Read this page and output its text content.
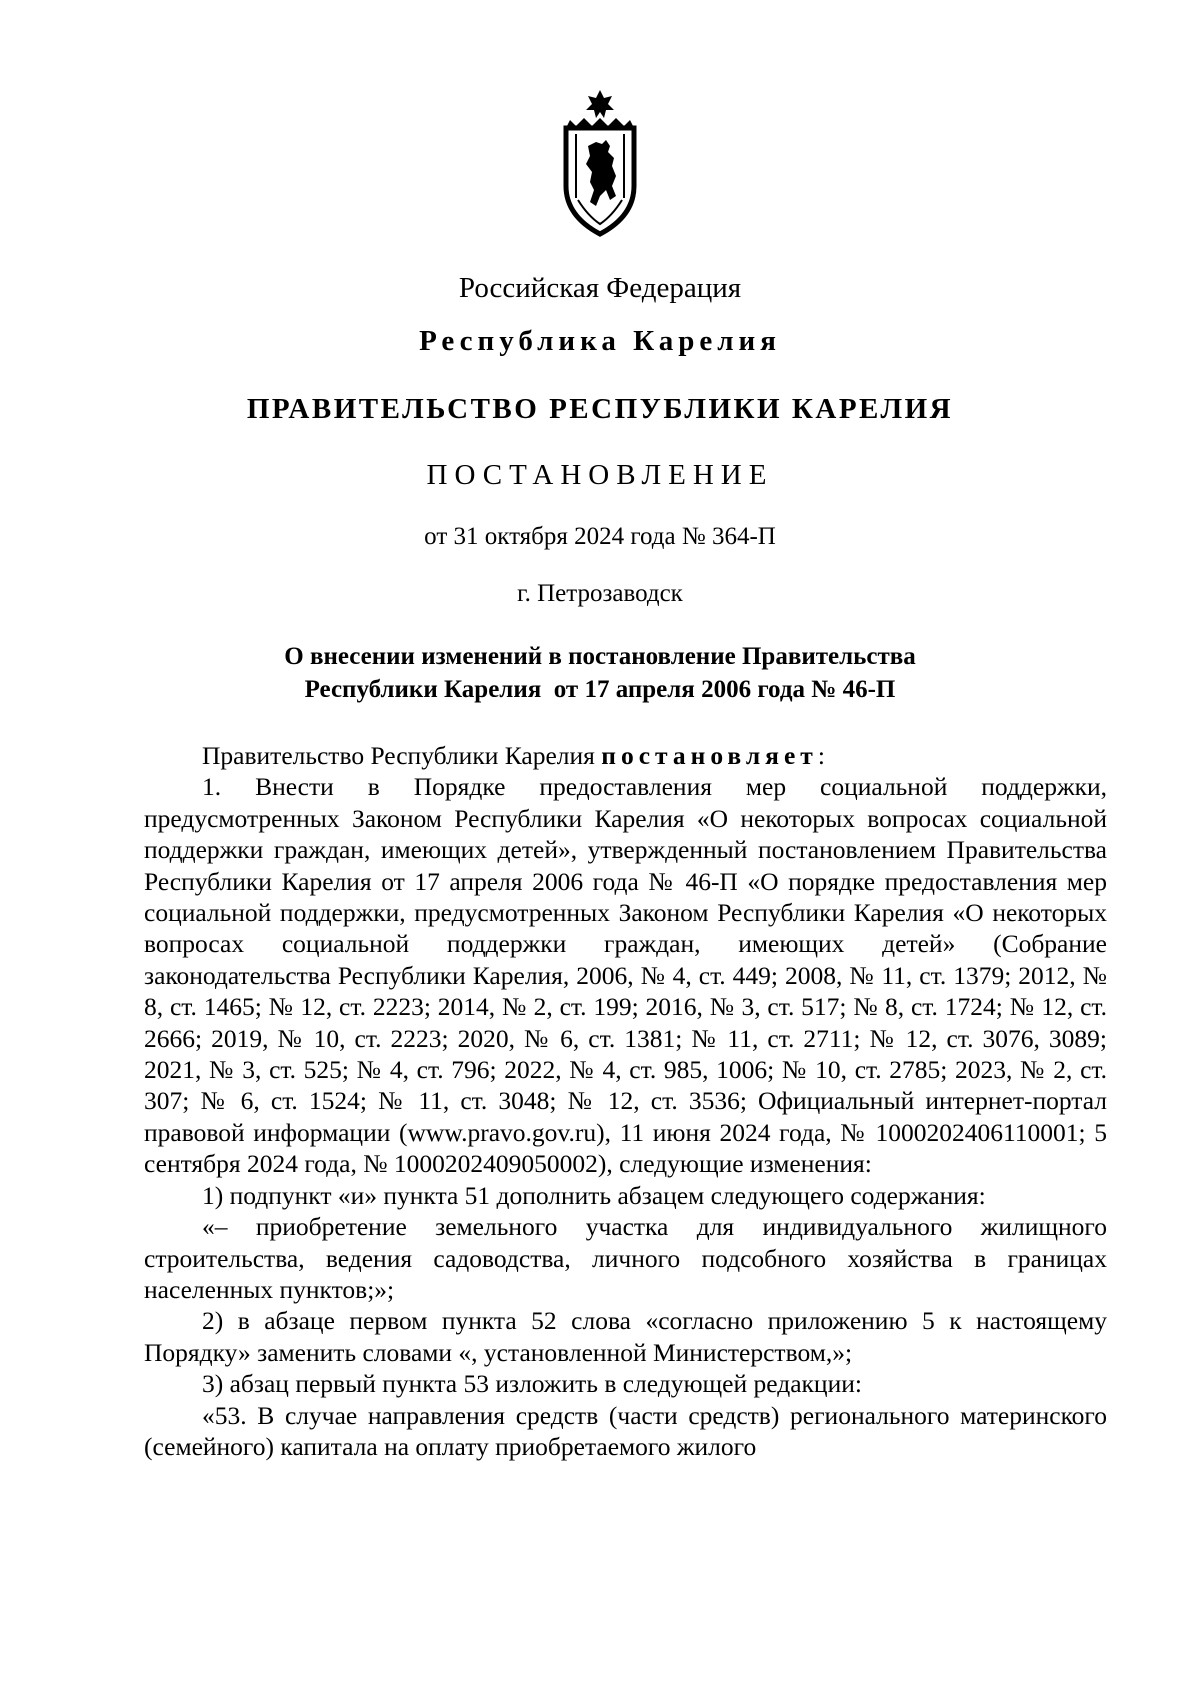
Российская Федерация
Республика Карелия
ПРАВИТЕЛЬСТВО РЕСПУБЛИКИ КАРЕЛИЯ
ПОСТАНОВЛЕНИЕ
от 31 октября 2024 года № 364-П
г. Петрозаводск
О внесении изменений в постановление Правительства
Республики Карелия  от 17 апреля 2006 года № 46-П

Правительство Республики Карелия постановляет:

1. Внести в Порядке предоставления мер социальной поддержки, предусмотренных Законом Республики Карелия «О некоторых вопросах социальной поддержки граждан, имеющих детей», утвержденный постановлением Правительства Республики Карелия от 17 апреля 2006 года № 46-П «О порядке предоставления мер социальной поддержки, предусмотренных Законом Республики Карелия «О некоторых вопросах социальной поддержки граждан, имеющих детей» (Собрание законодательства Республики Карелия, 2006, № 4, ст. 449; 2008, № 11, ст. 1379; 2012, № 8, ст. 1465; № 12, ст. 2223; 2014, № 2, ст. 199; 2016, № 3, ст. 517; № 8, ст. 1724; № 12, ст. 2666; 2019, № 10, ст. 2223; 2020, № 6, ст. 1381; № 11, ст. 2711; № 12, ст. 3076, 3089; 2021, № 3, ст. 525; № 4, ст. 796; 2022, № 4, ст. 985, 1006; № 10, ст. 2785; 2023, № 2, ст. 307; № 6, ст. 1524; № 11, ст. 3048; № 12, ст. 3536; Официальный интернет-портал правовой информации (www.pravo.gov.ru), 11 июня 2024 года, № 1000202406110001; 5 сентября 2024 года, № 1000202409050002), следующие изменения:

1) подпункт «и» пункта 51 дополнить абзацем следующего содержания:

«– приобретение земельного участка для индивидуального жилищного строительства, ведения садоводства, личного подсобного хозяйства в границах населенных пунктов;»;

2) в абзаце первом пункта 52 слова «согласно приложению 5 к настоящему Порядку» заменить словами «, установленной Министерством,»;

3) абзац первый пункта 53 изложить в следующей редакции:

«53. В случае направления средств (части средств) регионального материнского (семейного) капитала на оплату приобретаемого жилого
